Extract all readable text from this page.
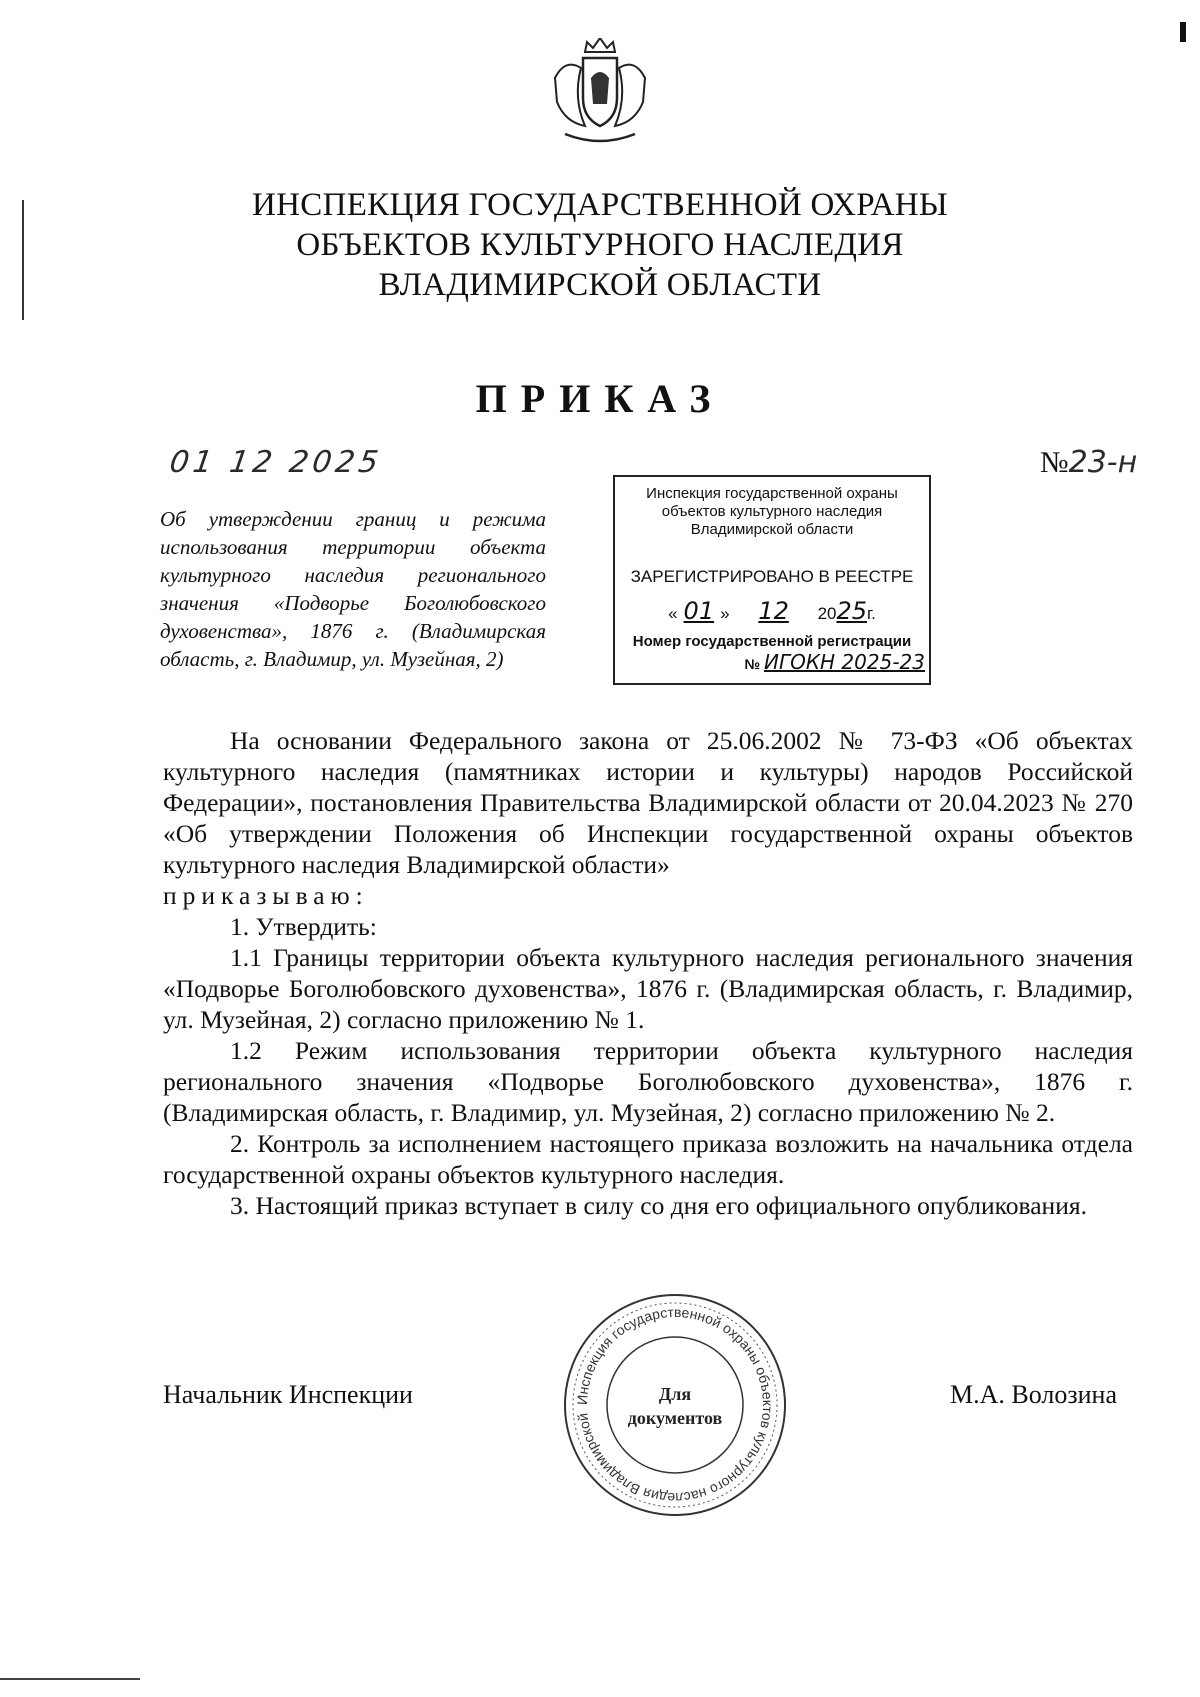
ИНСПЕКЦИЯ ГОСУДАРСТВЕННОЙ ОХРАНЫ
ОБЪЕКТОВ КУЛЬТУРНОГО НАСЛЕДИЯ
ВЛАДИМИРСКОЙ ОБЛАСТИ
ПРИКАЗ
01 12 2025	№23-н
Об утверждении границ и режима использования территории объекта культурного наследия регионального значения «Подворье Боголюбовского духовенства», 1876 г. (Владимирская область, г. Владимир, ул. Музейная, 2)
Инспекция государственной охраны
объектов культурного наследия
Владимирской области
ЗАРЕГИСТРИРОВАНО В РЕЕСТРЕ
« 01 » 12 2025г.
Номер государственной регистрации
№ ИГОКН 2025-23

На основании Федерального закона от 25.06.2002 № 73-ФЗ «Об объектах культурного наследия (памятниках истории и культуры) народов Российской Федерации», постановления Правительства Владимирской области от 20.04.2023 № 270 «Об утверждении Положения об Инспекции государственной охраны объектов культурного наследия Владимирской области»

приказываю:

1. Утвердить:

1.1 Границы территории объекта культурного наследия регионального значения «Подворье Боголюбовского духовенства», 1876 г. (Владимирская область, г. Владимир, ул. Музейная, 2) согласно приложению № 1.

1.2 Режим использования территории объекта культурного наследия регионального значения «Подворье Боголюбовского духовенства», 1876 г. (Владимирская область, г. Владимир, ул. Музейная, 2) согласно приложению № 2.

2. Контроль за исполнением настоящего приказа возложить на начальника отдела государственной охраны объектов культурного наследия.

3. Настоящий приказ вступает в силу со дня его официального опубликования.

Начальник Инспекции	М.А. Волозина
Инспекция государственной охраны объектов культурного наследия Владимирской
Для
документов
